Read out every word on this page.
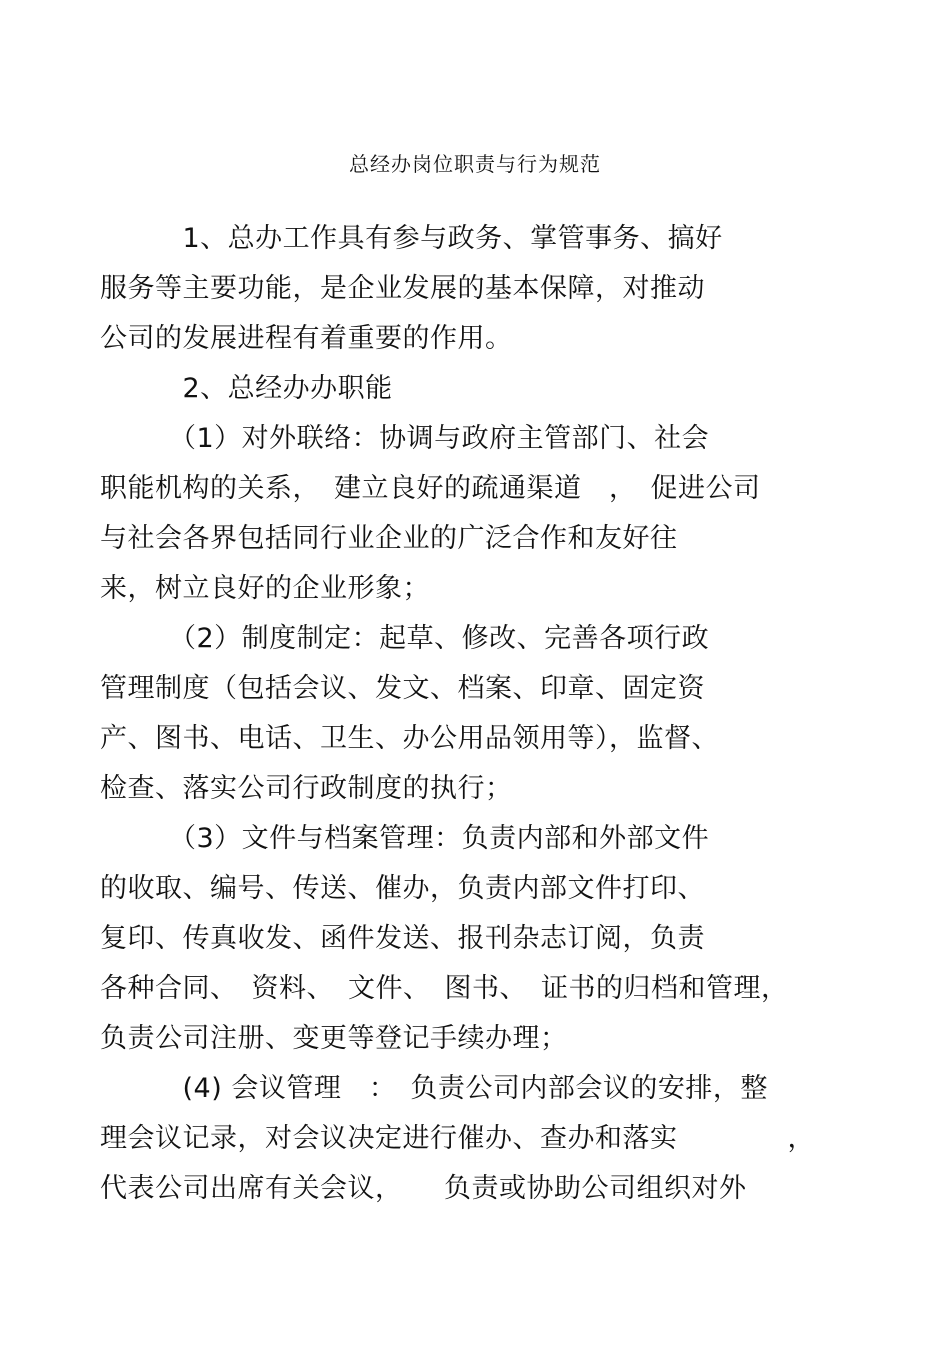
总经办岗位职责与行为规范
　　　1、总办工作具有参与政务、掌管事务、搞好
服务等主要功能，是企业发展的基本保障，对推动
公司的发展进程有着重要的作用。
　　　2、总经办办职能
　　　（1）对外联络：协调与政府主管部门、社会
职能机构的关系，　建立良好的疏通渠道　，　促进公司
与社会各界包括同行业企业的广泛合作和友好往
来，树立良好的企业形象；
　　　（2）制度制定：起草、修改、完善各项行政
管理制度（包括会议、发文、档案、印章、固定资
产、图书、电话、卫生、办公用品领用等），监督、
检查、落实公司行政制度的执行；
　　　（3）文件与档案管理：负责内部和外部文件
的收取、编号、传送、催办，负责内部文件打印、
复印、传真收发、函件发送、报刊杂志订阅，负责
各种合同、　资料、　文件、　图书、　证书的归档和管理，
负责公司注册、变更等登记手续办理；
　　　(4) 会议管理　：　负责公司内部会议的安排，整
理会议记录，对会议决定进行催办、查办和落实　　　　，
代表公司出席有关会议，　　负责或协助公司组织对外
